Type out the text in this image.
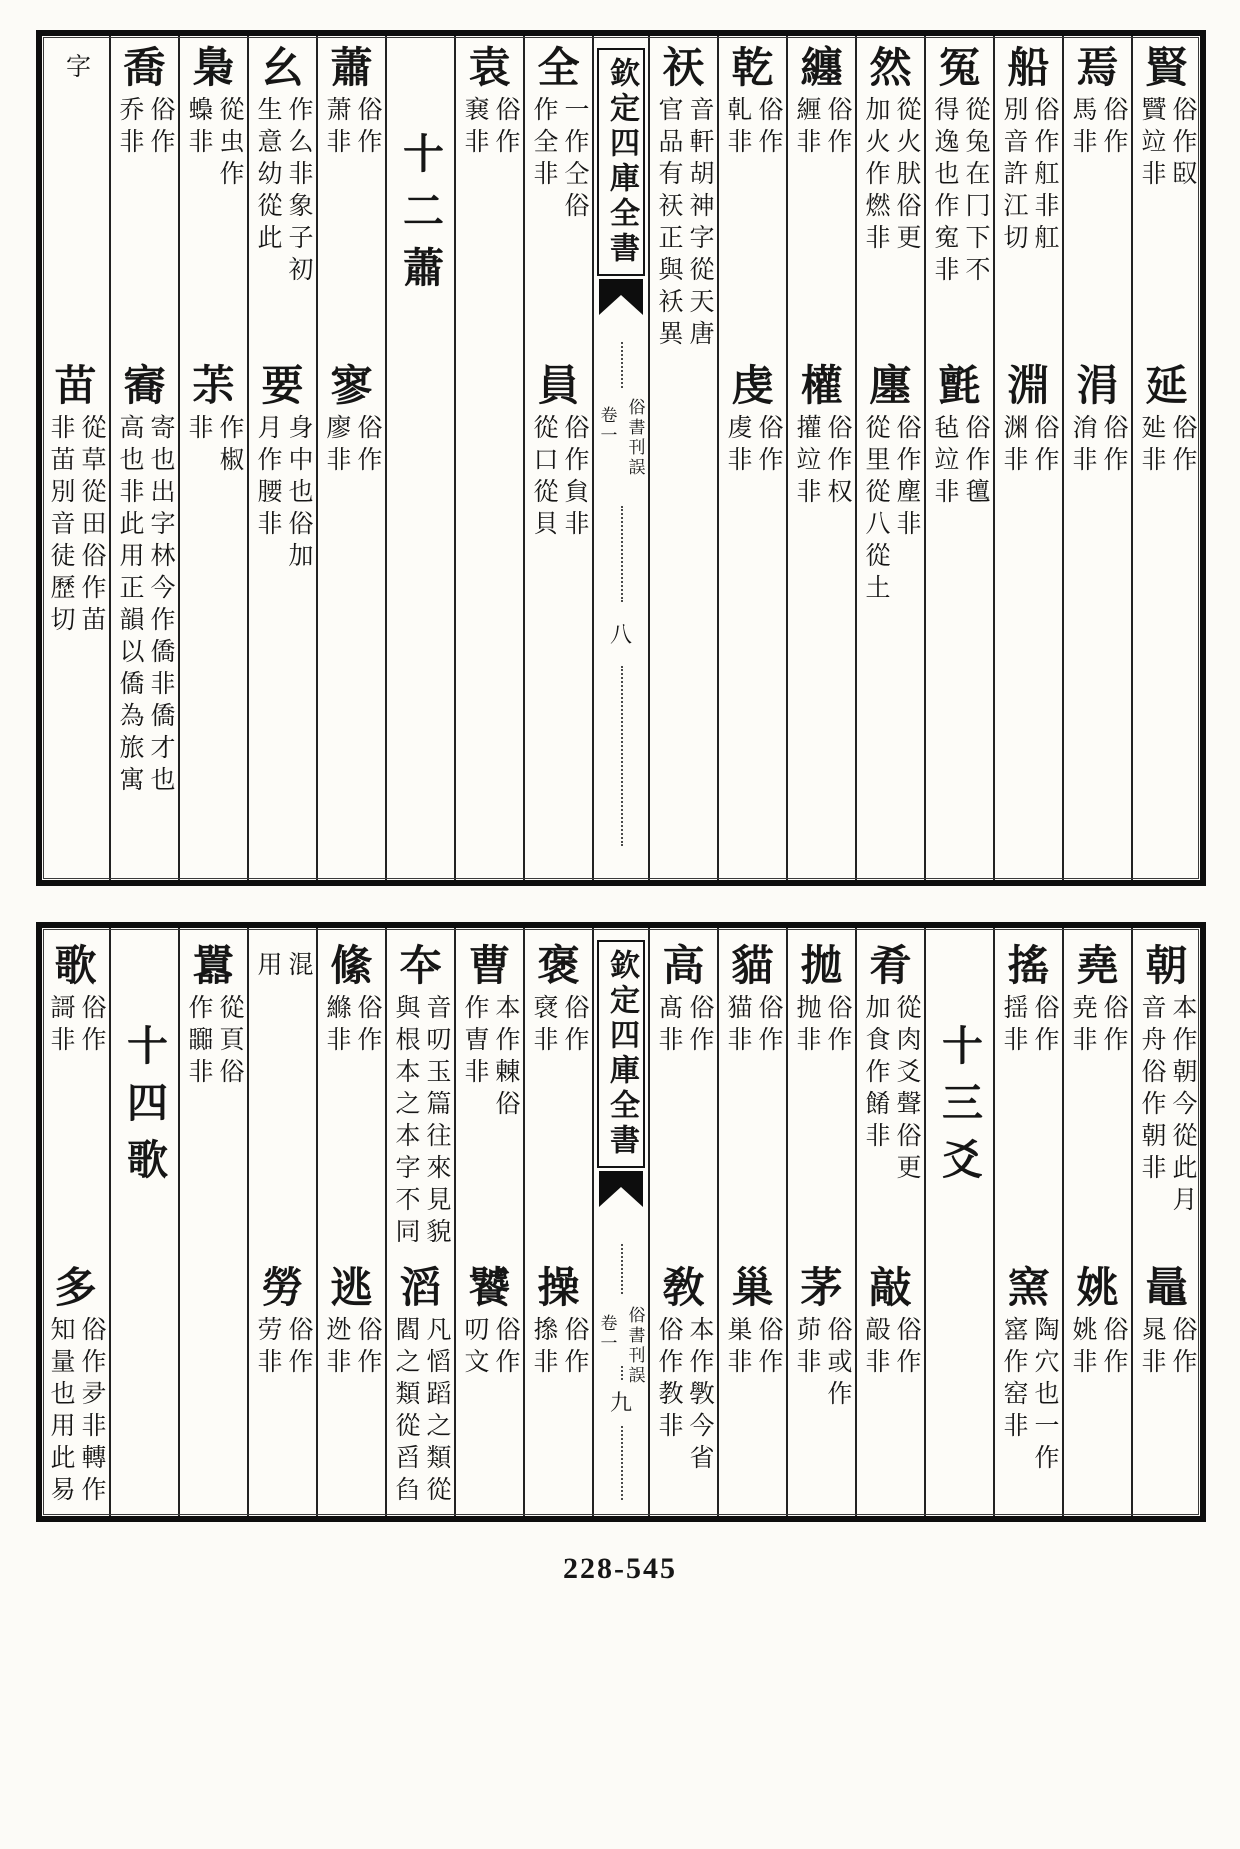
賢
俗作臤
贒竝非
延
俗作
㢟非
焉
俗作
馬非
涓
俗作
㳙非
船
俗作舡非舡
別音許江切
淵
俗作
渊非
冤
從兔在冂下不
得逸也作寃非
氈
俗作氊
毡竝非
然
從火肰俗更
加火作燃非
廛
俗作塵非
從里從八從土
纏
俗作
緾非
權
俗作权
㩲竝非
乾
俗作
乹非
虔
俗作
䖍非
祆
音軒胡神字從天唐
官品有祆正與袄異
欽定四庫全書
俗書刊誤
卷一
八
全
一作仝俗
作全非
員
俗作貟非
從口從貝
袁
俗作
㐮非
十二蕭
蕭
俗作
萧非
寥
俗作
廖非
幺
作么非象子初
生意幼從此
要
身中也俗加
月作腰非
梟
從虫作
蟂非
茮
作椒
非
喬
俗作
乔非
㝯
寄也出字林今作僑非僑才也
高也非此用正韻以僑為旅寓
字
苗
從草從田俗作苖
非苖別音徒歷切
朝
本作朝今從此月
音舟俗作朝非
鼂
俗作
晁非
堯
俗作
尭非
姚
俗作
姚非
搖
俗作
揺非
窯
陶穴也一作
窰作窑非
十三爻
肴
從肉爻聲俗更
加食作餚非
敲
俗作
毃非
拋
俗作
抛非
茅
俗或作
茆非
貓
俗作
猫非
巢
俗作
巣非
高
俗作
髙非
敎
本作斆今省
俗作教非
欽定四庫全書
俗書刊誤
卷一
九
褒
俗作
裦非
操
俗作
撡非
曹
本作㯥俗
作曺非
饕
俗作
叨文
夲
音叨玉篇往來見貌
與根本之本字不同
滔
凡慆蹈之類從
閻之類從舀臽
絛
俗作
縧非
逃
俗作
迯非
混
用
勞
俗作
劳非
囂
從頁俗
作嚻非
十四歌
歌
俗作
謌非
多
俗作夛非轉作
知量也用此易
228-545
